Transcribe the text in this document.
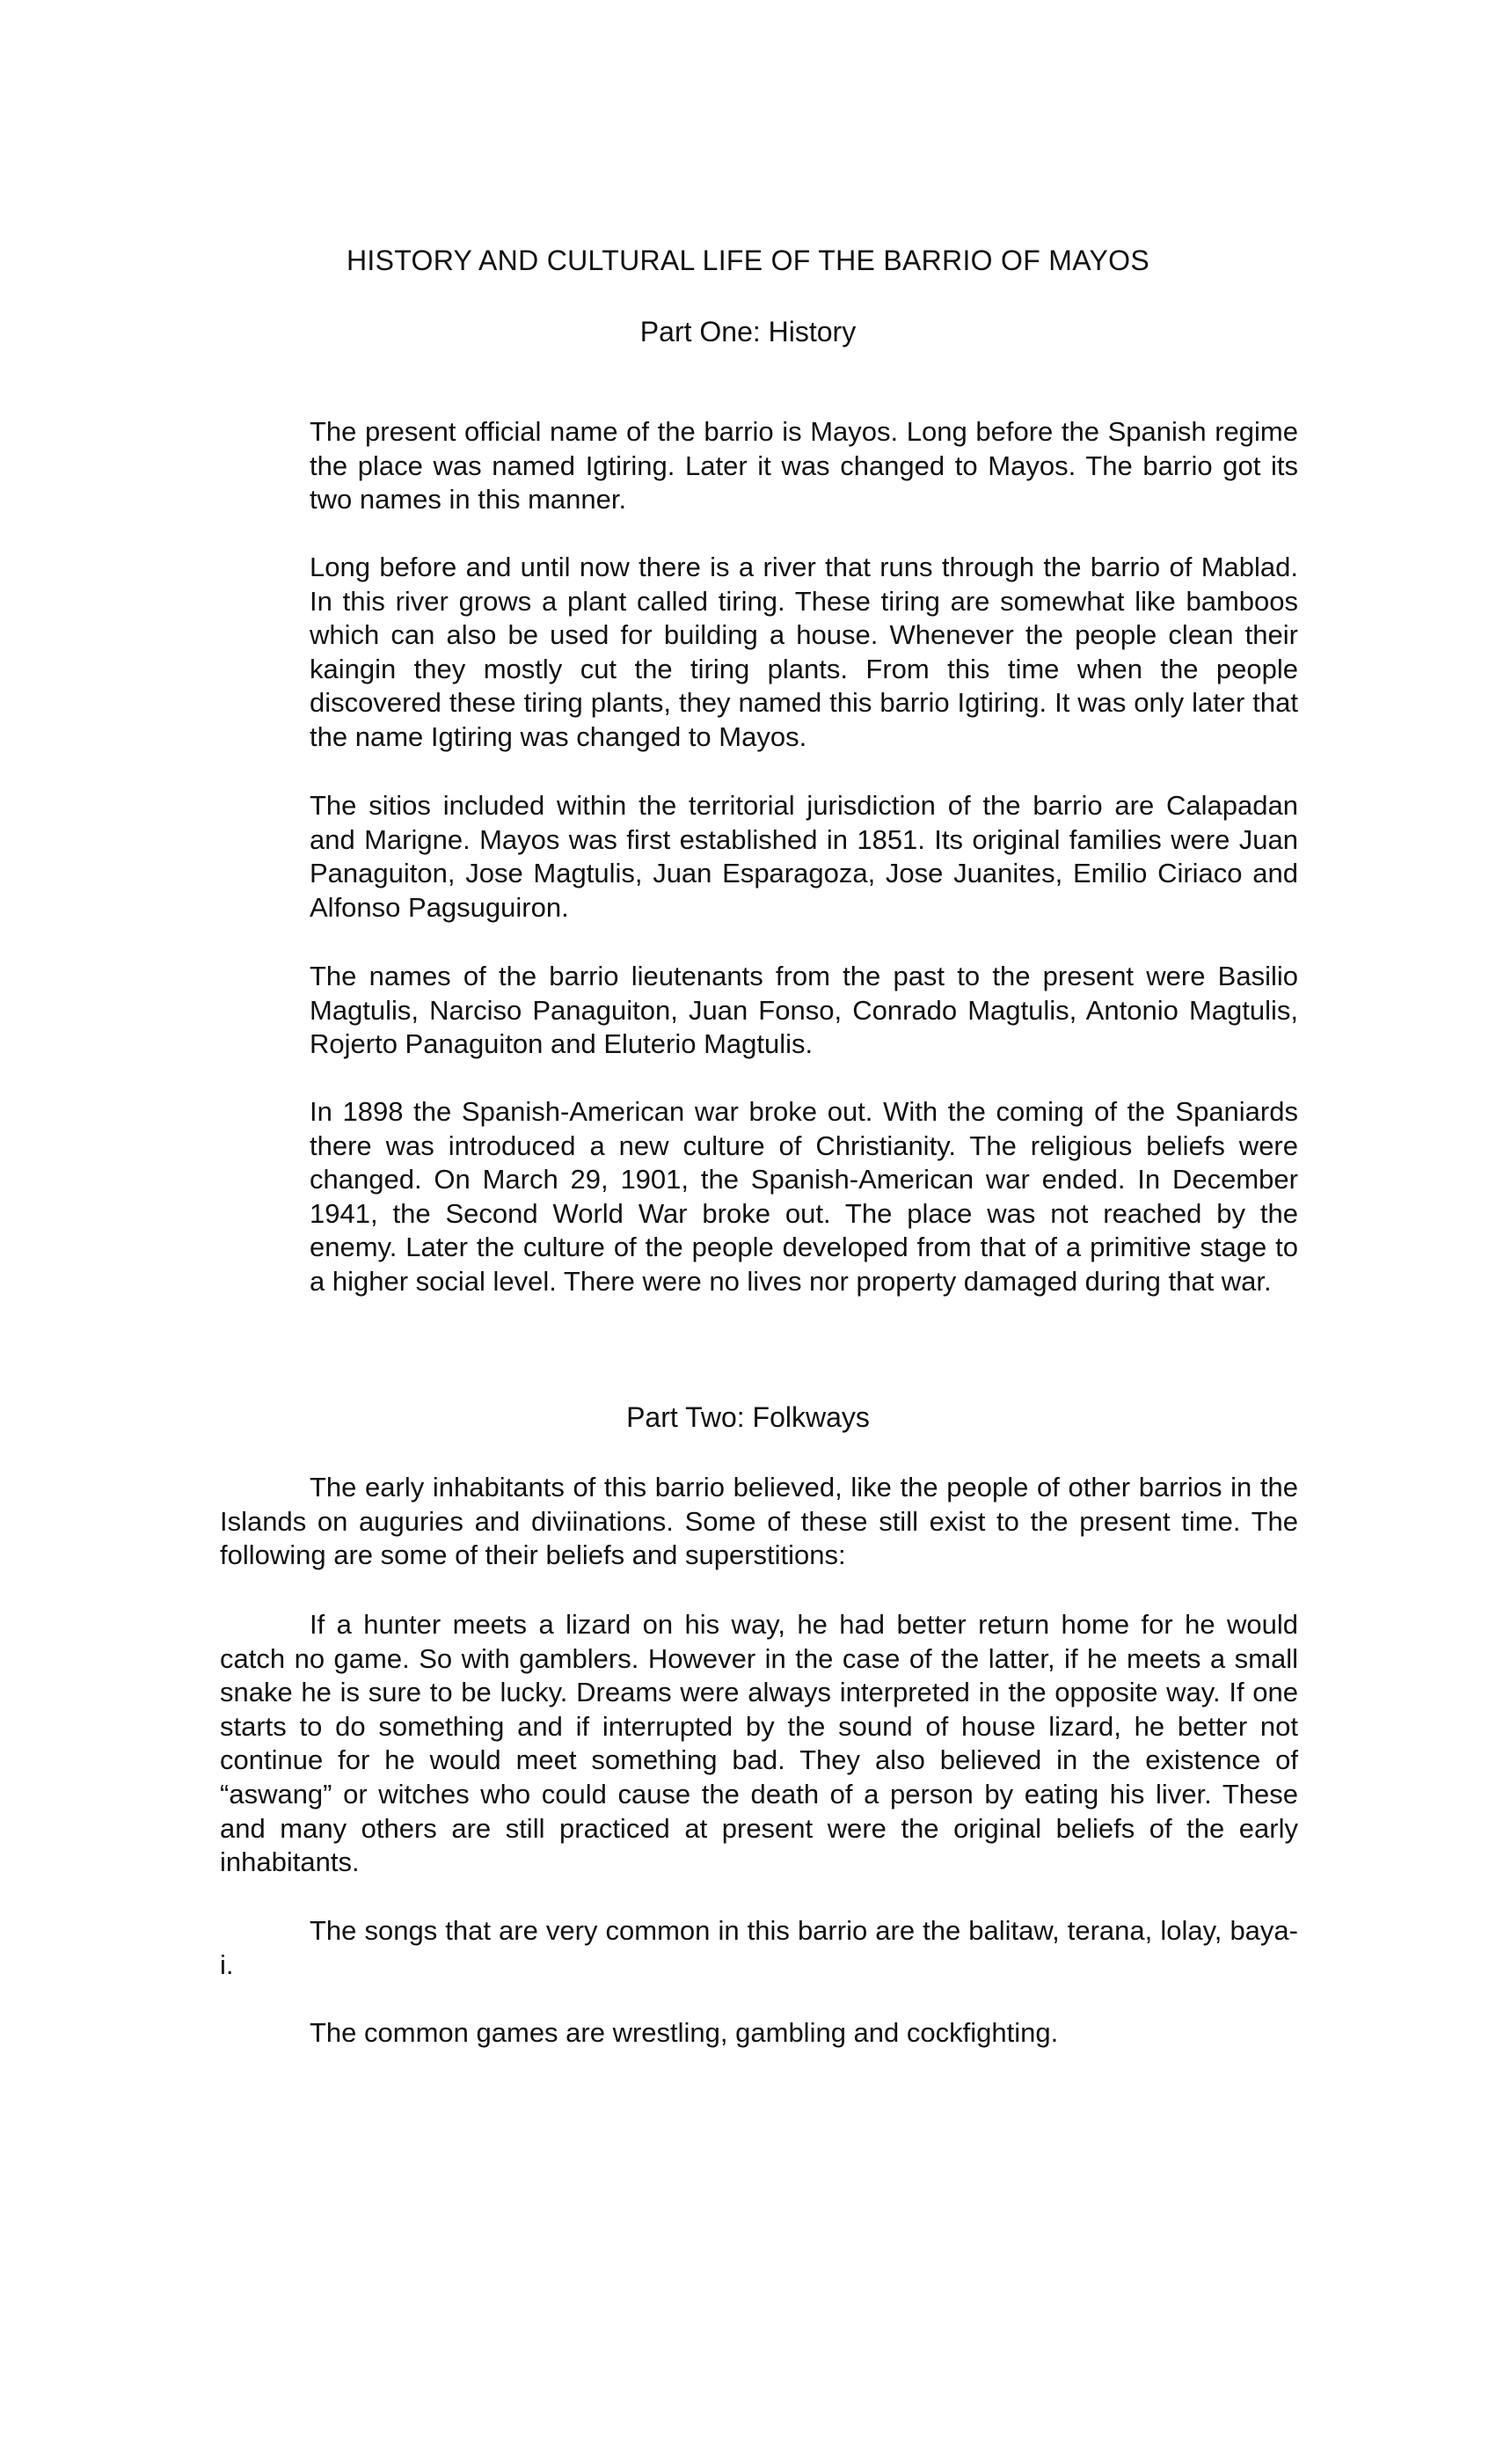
HISTORY AND CULTURAL LIFE OF THE BARRIO OF MAYOS
Part One: History

The present official name of the barrio is Mayos. Long before the Spanish regime the place was named Igtiring. Later it was changed to Mayos. The barrio got its two names in this manner.

Long before and until now there is a river that runs through the barrio of Mablad. In this river grows a plant called tiring. These tiring are somewhat like bamboos which can also be used for building a house. Whenever the people clean their kaingin they mostly cut the tiring plants. From this time when the people discovered these tiring plants, they named this barrio Igtiring. It was only later that the name Igtiring was changed to Mayos.

The sitios included within the territorial jurisdiction of the barrio are Calapadan and Marigne. Mayos was first established in 1851. Its original families were Juan Panaguiton, Jose Magtulis, Juan Esparagoza, Jose Juanites, Emilio Ciriaco and Alfonso Pagsuguiron.

The names of the barrio lieutenants from the past to the present were Basilio Magtulis, Narciso Panaguiton, Juan Fonso, Conrado Magtulis, Antonio Magtulis, Rojerto Panaguiton and Eluterio Magtulis.

In 1898 the Spanish-American war broke out. With the coming of the Spaniards there was introduced a new culture of Christianity. The religious beliefs were changed. On March 29, 1901, the Spanish-American war ended. In December 1941, the Second World War broke out. The place was not reached by the enemy. Later the culture of the people developed from that of a primitive stage to a higher social level. There were no lives nor property damaged during that war.

Part Two: Folkways

The early inhabitants of this barrio believed, like the people of other barrios in the Islands on auguries and diviinations. Some of these still exist to the present time. The following are some of their beliefs and superstitions:

If a hunter meets a lizard on his way, he had better return home for he would catch no game. So with gamblers. However in the case of the latter, if he meets a small snake he is sure to be lucky. Dreams were always interpreted in the opposite way. If one starts to do something and if interrupted by the sound of house lizard, he better not continue for he would meet something bad. They also believed in the existence of “aswang” or witches who could cause the death of a person by eating his liver. These and many others are still practiced at present were the original beliefs of the early inhabitants.

The songs that are very common in this barrio are the balitaw, terana, lolay, baya-i.

The common games are wrestling, gambling and cockfighting.
